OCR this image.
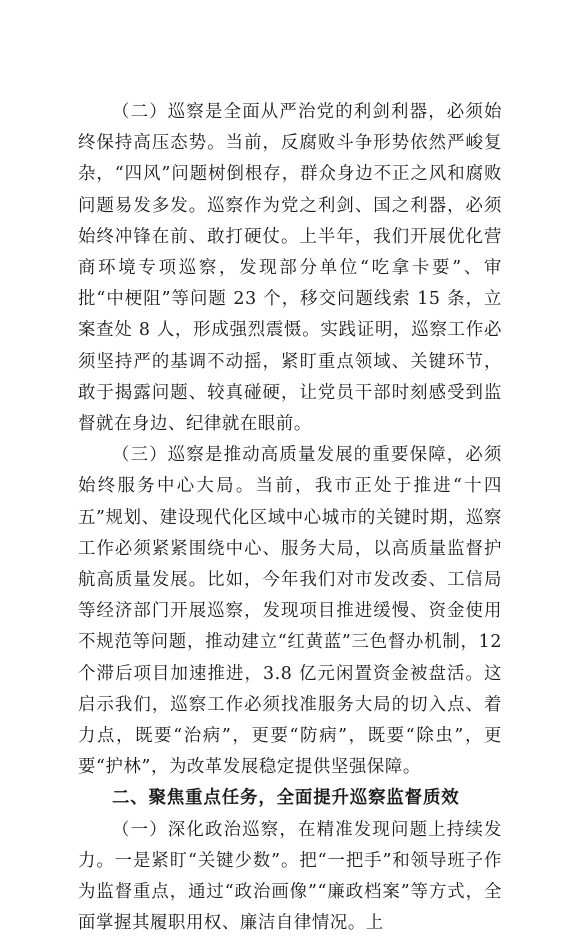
（二）巡察是全面从严治党的利剑利器，必须始终保持高压态势。当前，反腐败斗争形势依然严峻复杂，“四风”问题树倒根存，群众身边不正之风和腐败问题易发多发。巡察作为党之利剑、国之利器，必须始终冲锋在前、敢打硬仗。上半年，我们开展优化营商环境专项巡察，发现部分单位“吃拿卡要”、审批“中梗阻”等问题 23 个，移交问题线索 15 条，立案查处 8 人，形成强烈震慑。实践证明，巡察工作必须坚持严的基调不动摇，紧盯重点领域、关键环节，敢于揭露问题、较真碰硬，让党员干部时刻感受到监督就在身边、纪律就在眼前。

（三）巡察是推动高质量发展的重要保障，必须始终服务中心大局。当前，我市正处于推进“十四五”规划、建设现代化区域中心城市的关键时期，巡察工作必须紧紧围绕中心、服务大局，以高质量监督护航高质量发展。比如，今年我们对市发改委、工信局等经济部门开展巡察，发现项目推进缓慢、资金使用不规范等问题，推动建立“红黄蓝”三色督办机制，12 个滞后项目加速推进，3.8 亿元闲置资金被盘活。这启示我们，巡察工作必须找准服务大局的切入点、着力点，既要“治病”，更要“防病”，既要“除虫”，更要“护林”，为改革发展稳定提供坚强保障。

二、聚焦重点任务，全面提升巡察监督质效

（一）深化政治巡察，在精准发现问题上持续发力。一是紧盯“关键少数”。把“一把手”和领导班子作为监督重点，通过“政治画像”“廉政档案”等方式，全面掌握其履职用权、廉洁自律情况。上
